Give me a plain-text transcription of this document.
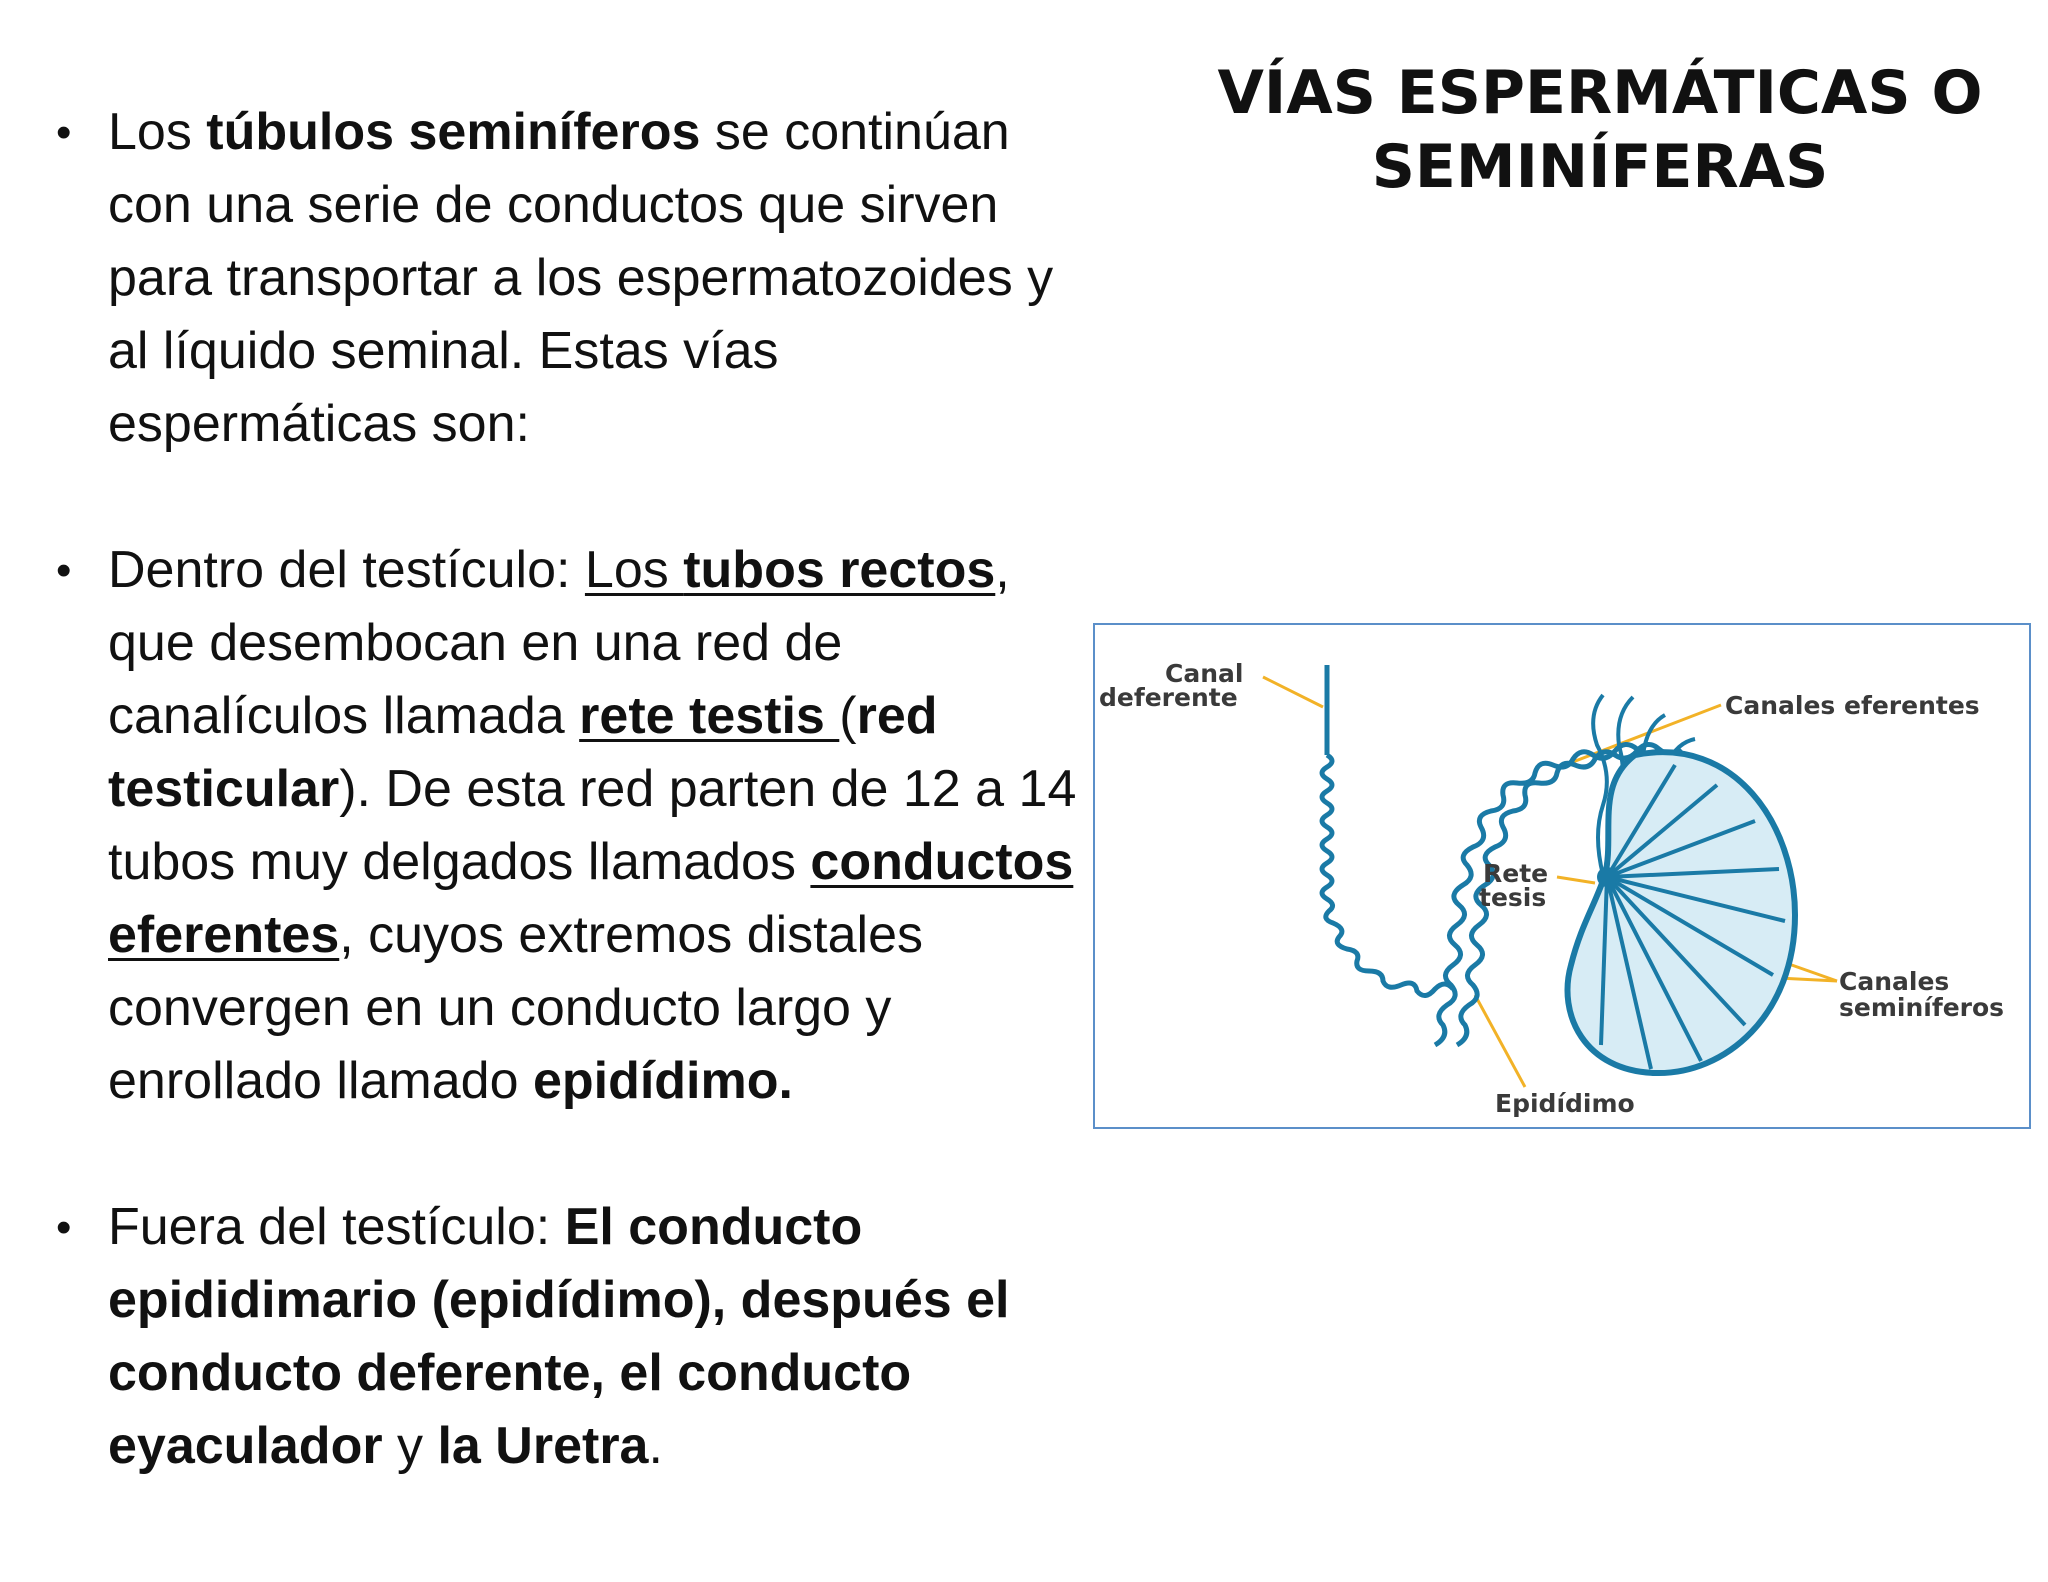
VÍAS ESPERMÁTICAS O
SEMINÍFERAS
• Los túbulos seminíferos se continúan con una serie de conductos que sirven para transportar a los espermatozoides y al líquido seminal. Estas vías espermáticas son:
• Dentro del testículo: Los tubos rectos, que desembocan en una red de canalículos llamada rete testis (red testicular). De esta red parten de 12 a 14 tubos muy delgados llamados conductos eferentes, cuyos extremos distales convergen en un conducto largo y enrollado llamado epidídimo.
• Fuera del testículo: El conducto epididimario (epidídimo), después el conducto deferente, el conducto eyaculador y la Uretra.
Canal
deferente	Canales eferentes
Rete
tesis
Canales
seminíferos
Epidídimo
